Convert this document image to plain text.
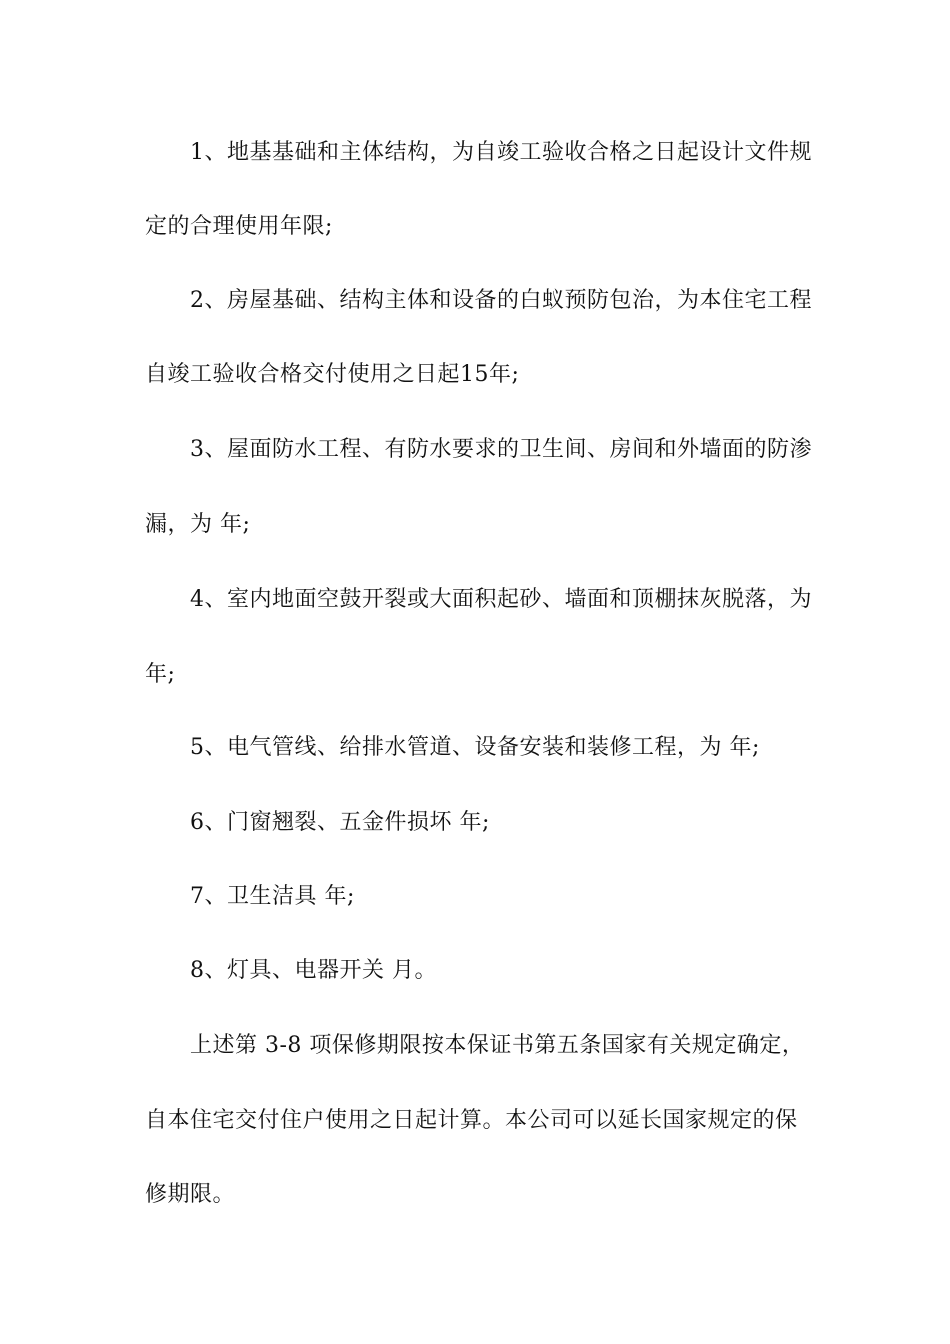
1、地基基础和主体结构，为自竣工验收合格之日起设计文件规
定的合理使用年限;
2、房屋基础、结构主体和设备的白蚁预防包治，为本住宅工程
自竣工验收合格交付使用之日起15年;
3、屋面防水工程、有防水要求的卫生间、房间和外墙面的防渗
漏，为 年;
4、室内地面空鼓开裂或大面积起砂、墙面和顶棚抹灰脱落，为
年;
5、电气管线、给排水管道、设备安装和装修工程，为 年;
6、门窗翘裂、五金件损坏 年;
7、卫生洁具 年;
8、灯具、电器开关 月。
上述第 3-8 项保修期限按本保证书第五条国家有关规定确定，
自本住宅交付住户使用之日起计算。本公司可以延长国家规定的保
修期限。
